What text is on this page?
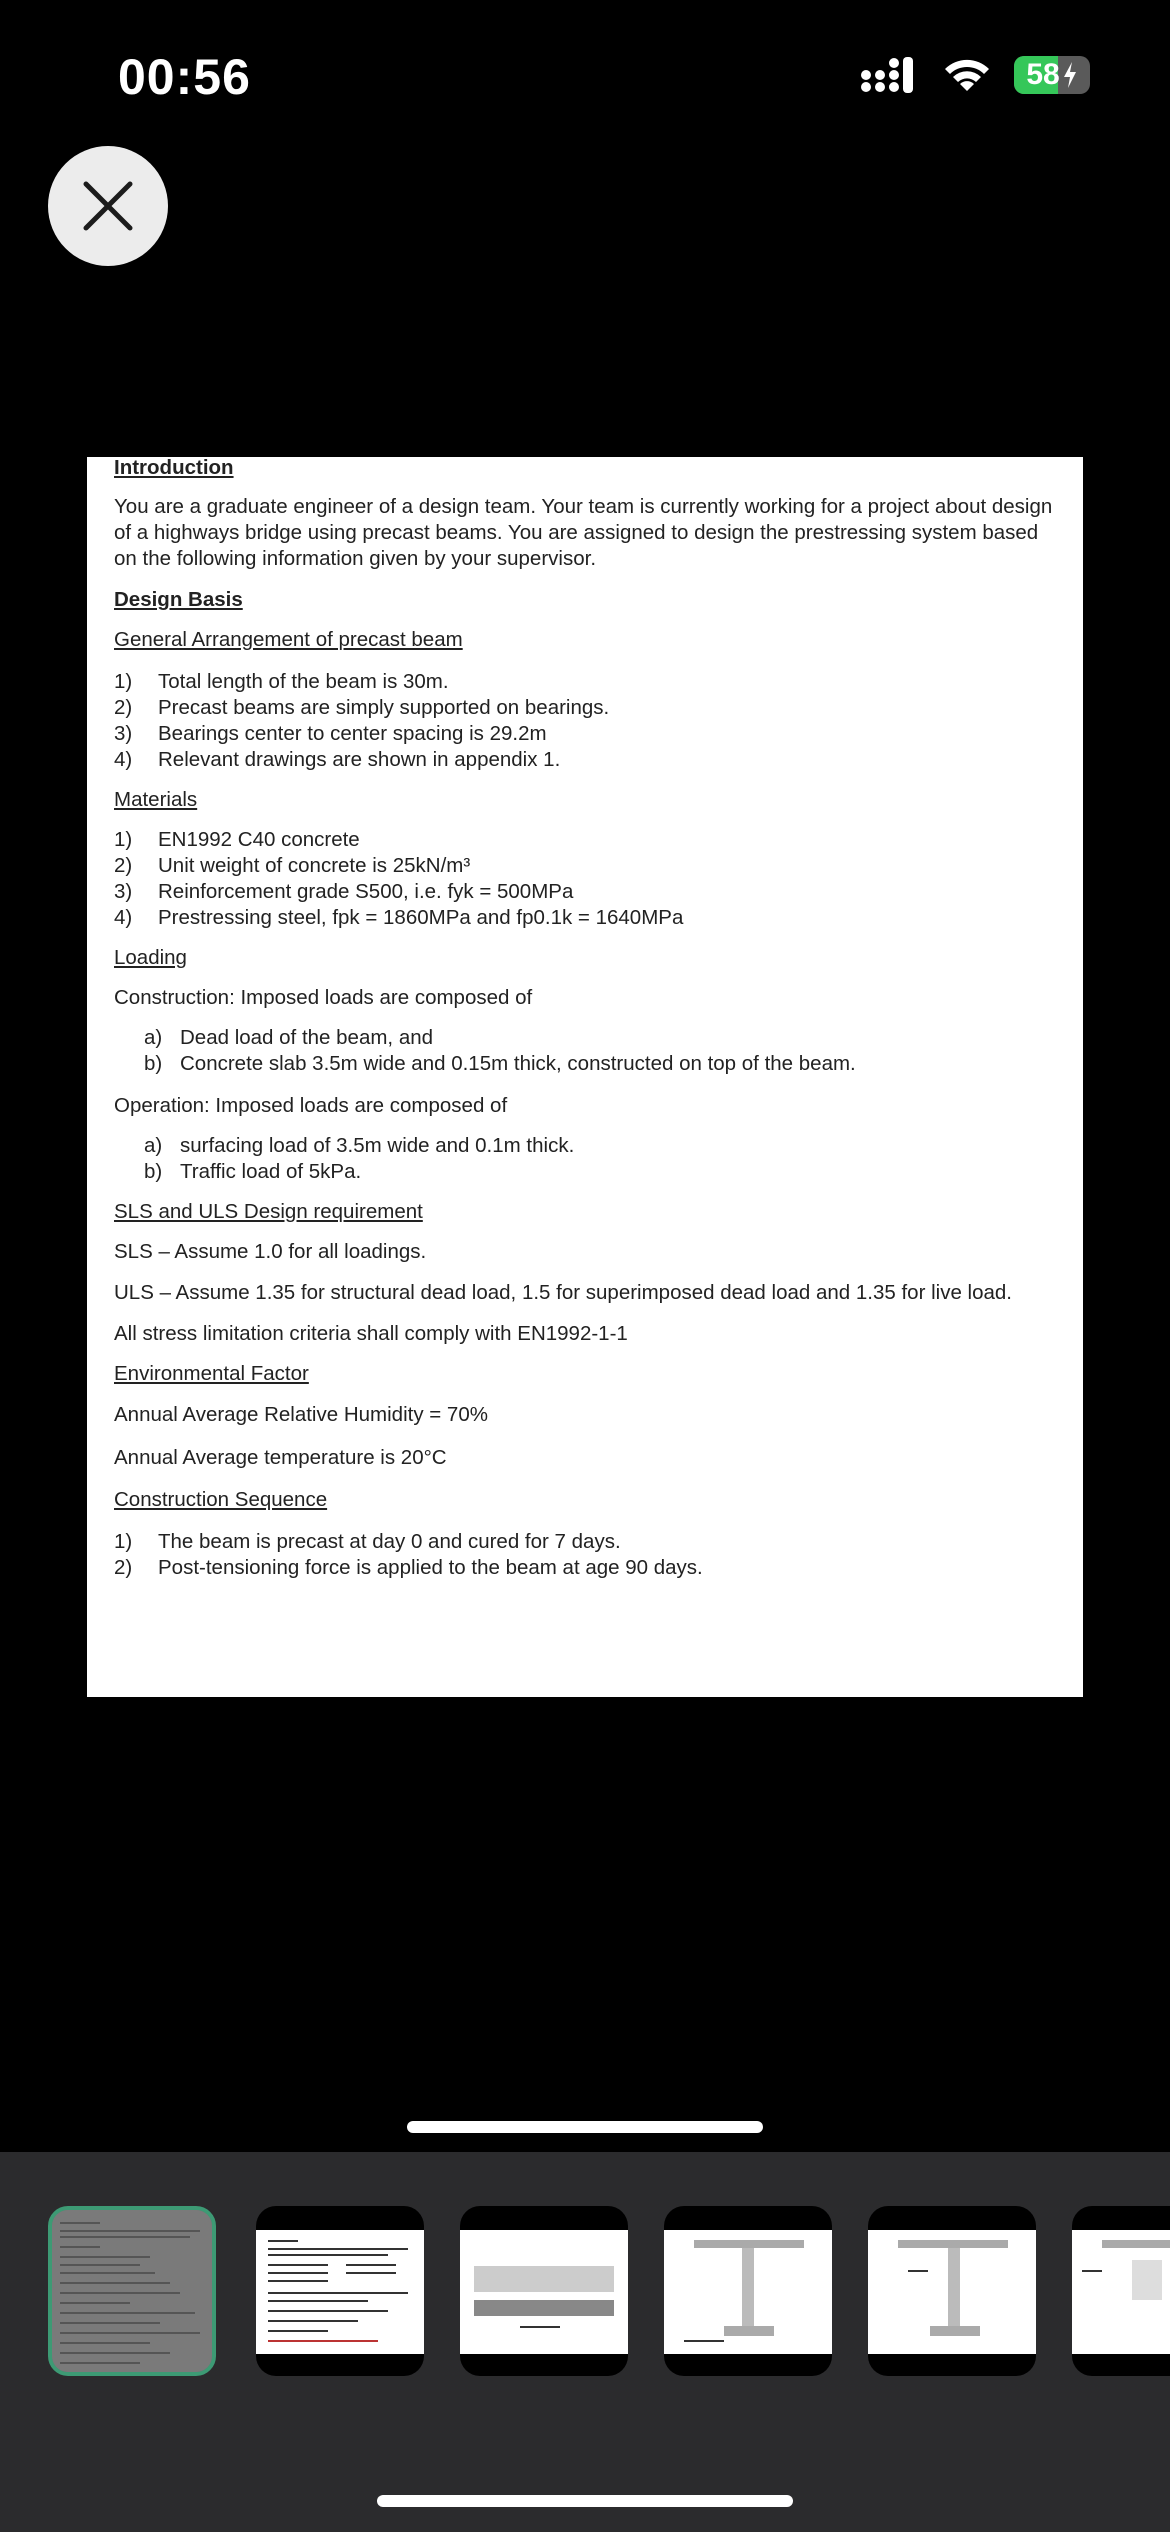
00:56	58

Introduction

You are a graduate engineer of a design team. Your team is currently working for a project about design of a highways bridge using precast beams. You are assigned to design the prestressing system based on the following information given by your supervisor.

Design Basis

General Arrangement of precast beam

1)	Total length of the beam is 30m.
2)	Precast beams are simply supported on bearings.
3)	Bearings center to center spacing is 29.2m
4)	Relevant drawings are shown in appendix 1.

Materials

1)	EN1992 C40 concrete
2)	Unit weight of concrete is 25kN/m³
3)	Reinforcement grade S500, i.e. fyk = 500MPa
4)	Prestressing steel, fpk = 1860MPa and fp0.1k = 1640MPa

Loading

Construction: Imposed loads are composed of

a) Dead load of the beam, and
b) Concrete slab 3.5m wide and 0.15m thick, constructed on top of the beam.

Operation: Imposed loads are composed of

a) surfacing load of 3.5m wide and 0.1m thick.
b) Traffic load of 5kPa.

SLS and ULS Design requirement

SLS – Assume 1.0 for all loadings.

ULS – Assume 1.35 for structural dead load, 1.5 for superimposed dead load and 1.35 for live load.

All stress limitation criteria shall comply with EN1992-1-1

Environmental Factor

Annual Average Relative Humidity = 70%

Annual Average temperature is 20°C

Construction Sequence

1)	The beam is precast at day 0 and cured for 7 days.
2)	Post-tensioning force is applied to the beam at age 90 days.
